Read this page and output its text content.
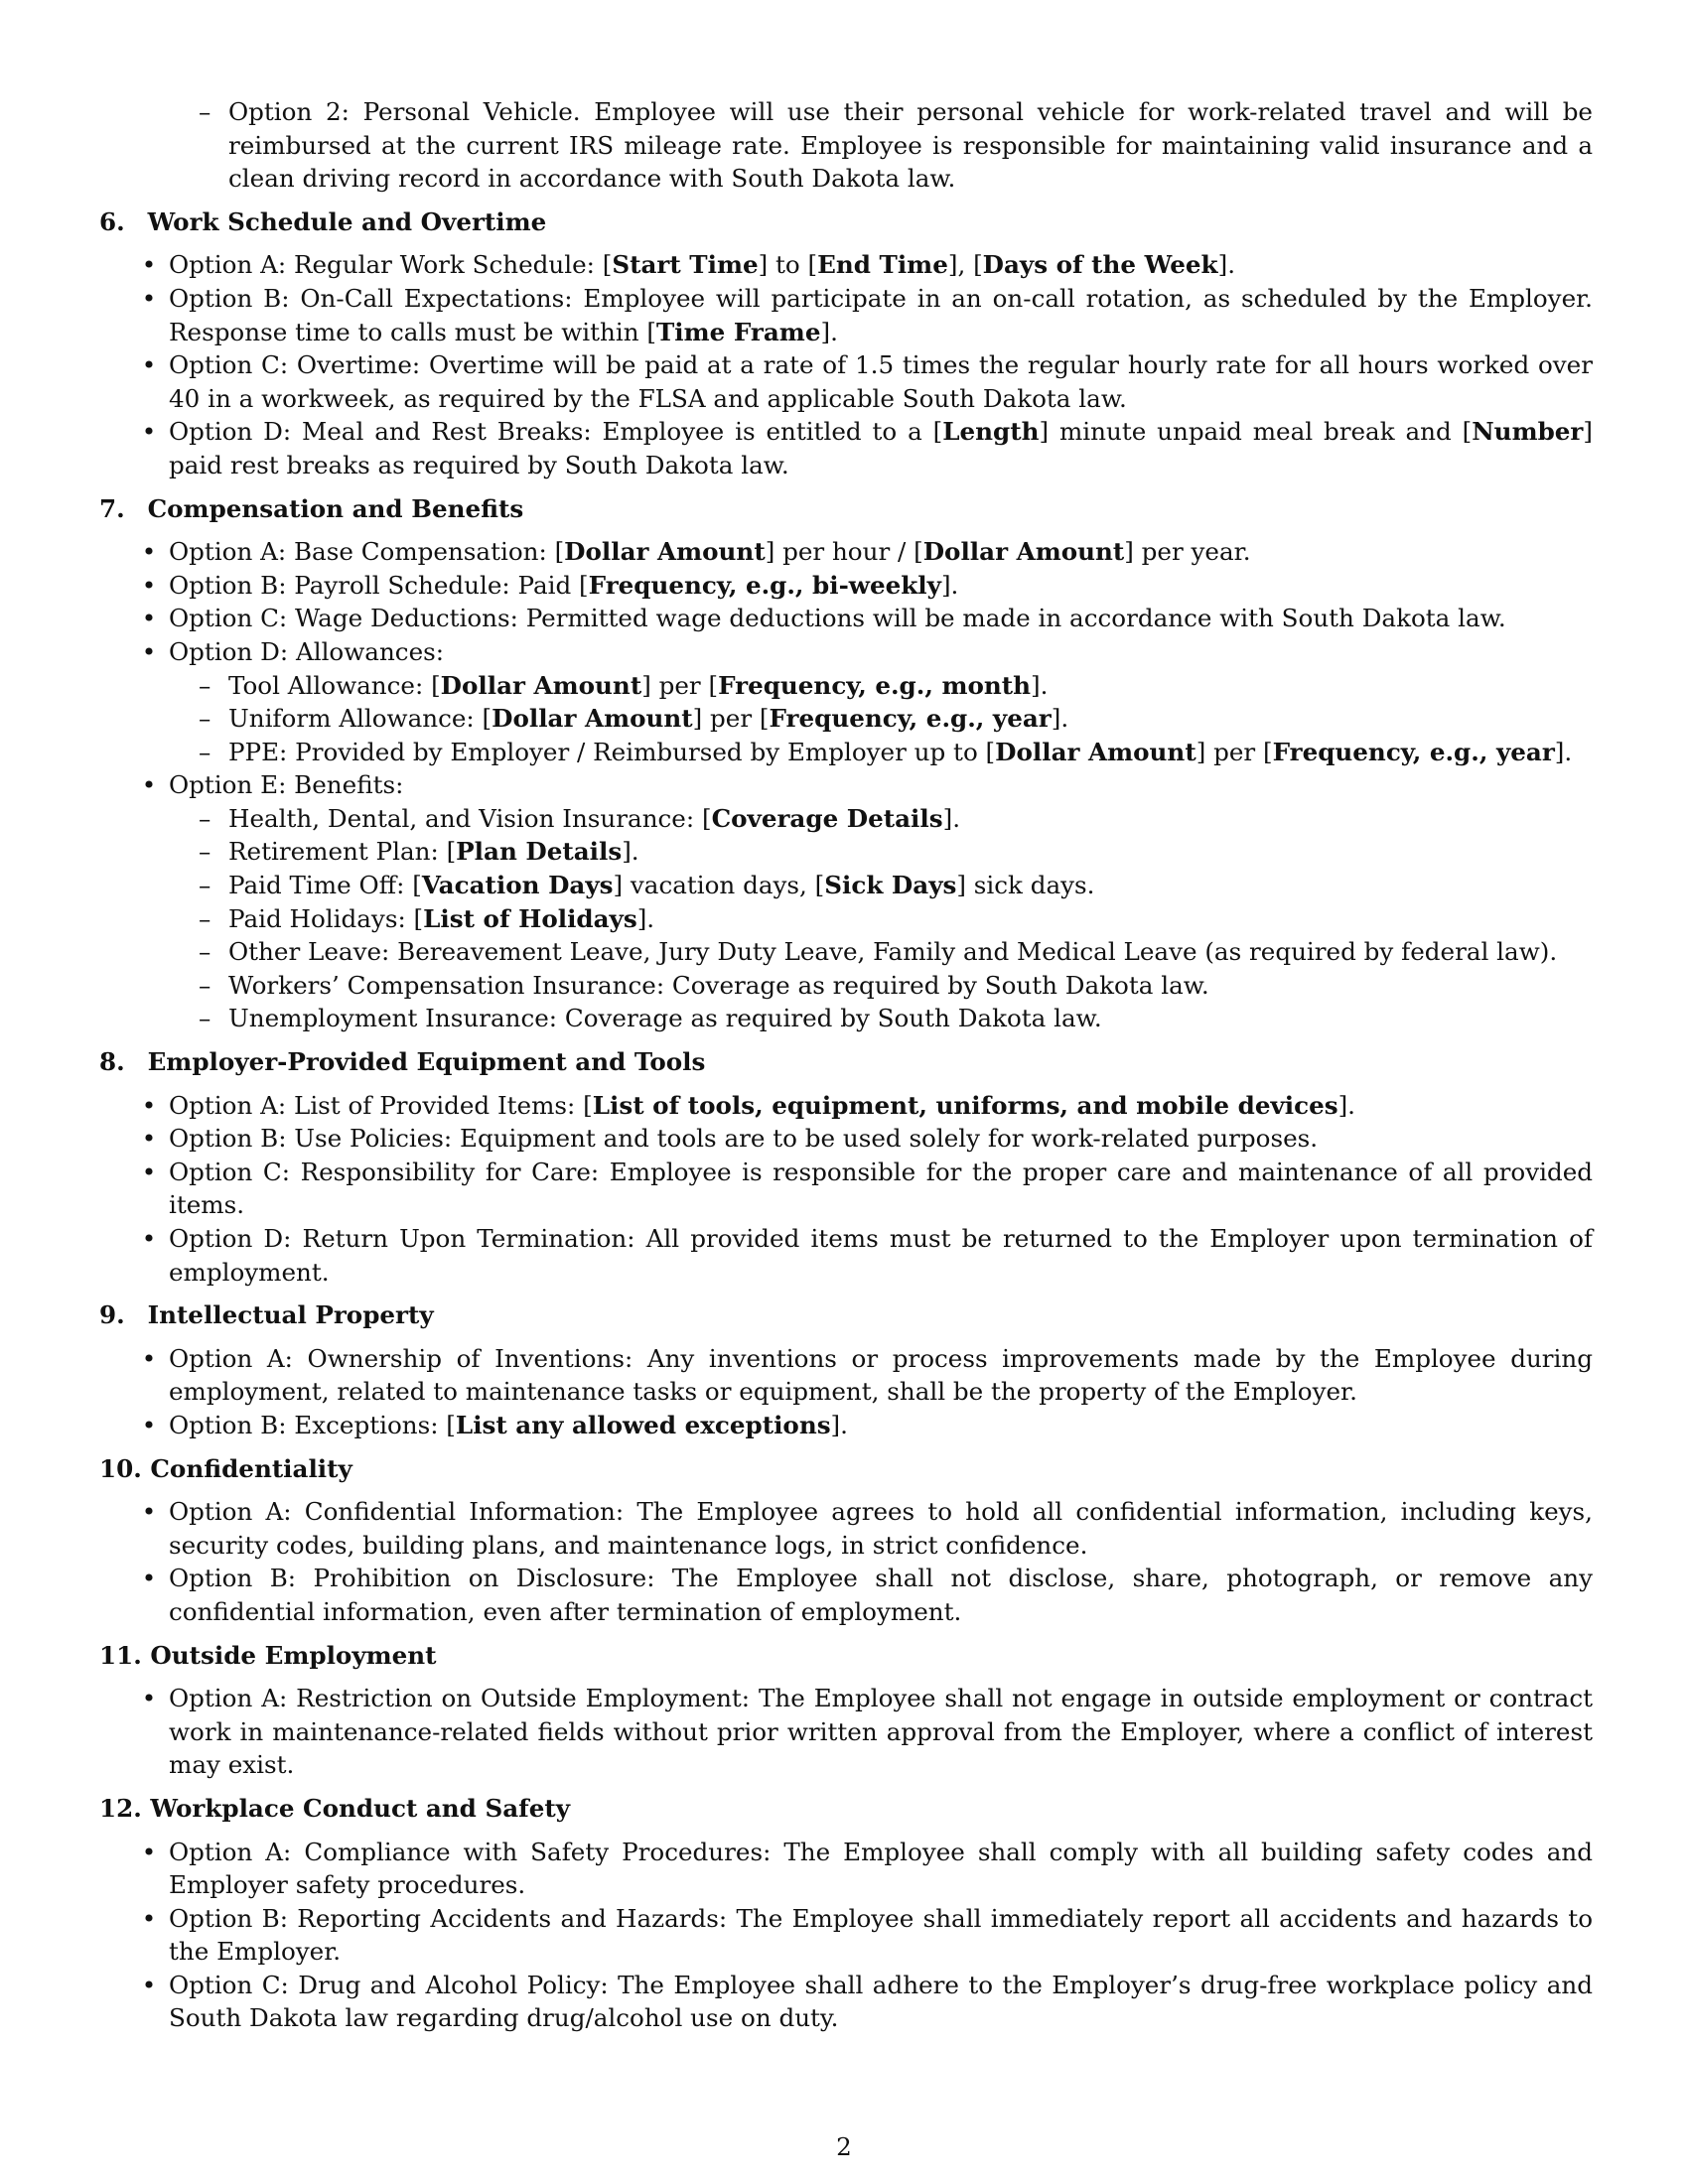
– Option 2: Personal Vehicle. Employee will use their personal vehicle for work-related travel and will be reimbursed at the current IRS mileage rate. Employee is responsible for maintaining valid insurance and a clean driving record in accordance with South Dakota law.
6. Work Schedule and Overtime
• Option A: Regular Work Schedule: [Start Time] to [End Time], [Days of the Week].
• Option B: On-Call Expectations: Employee will participate in an on-call rotation, as scheduled by the Employer. Response time to calls must be within [Time Frame].
• Option C: Overtime: Overtime will be paid at a rate of 1.5 times the regular hourly rate for all hours worked over 40 in a workweek, as required by the FLSA and applicable South Dakota law.
• Option D: Meal and Rest Breaks: Employee is entitled to a [Length] minute unpaid meal break and [Number] paid rest breaks as required by South Dakota law.
7. Compensation and Benefits
• Option A: Base Compensation: [Dollar Amount] per hour / [Dollar Amount] per year.
• Option B: Payroll Schedule: Paid [Frequency, e.g., bi-weekly].
• Option C: Wage Deductions: Permitted wage deductions will be made in accordance with South Dakota law.
• Option D: Allowances:
– Tool Allowance: [Dollar Amount] per [Frequency, e.g., month].
– Uniform Allowance: [Dollar Amount] per [Frequency, e.g., year].
– PPE: Provided by Employer / Reimbursed by Employer up to [Dollar Amount] per [Frequency, e.g., year].
• Option E: Benefits:
– Health, Dental, and Vision Insurance: [Coverage Details].
– Retirement Plan: [Plan Details].
– Paid Time Off: [Vacation Days] vacation days, [Sick Days] sick days.
– Paid Holidays: [List of Holidays].
– Other Leave: Bereavement Leave, Jury Duty Leave, Family and Medical Leave (as required by federal law).
– Workers’ Compensation Insurance: Coverage as required by South Dakota law.
– Unemployment Insurance: Coverage as required by South Dakota law.
8. Employer-Provided Equipment and Tools
• Option A: List of Provided Items: [List of tools, equipment, uniforms, and mobile devices].
• Option B: Use Policies: Equipment and tools are to be used solely for work-related purposes.
• Option C: Responsibility for Care: Employee is responsible for the proper care and maintenance of all provided items.
• Option D: Return Upon Termination: All provided items must be returned to the Employer upon termination of employment.
9. Intellectual Property
• Option A: Ownership of Inventions: Any inventions or process improvements made by the Employee during employment, related to maintenance tasks or equipment, shall be the property of the Employer.
• Option B: Exceptions: [List any allowed exceptions].
10. Confidentiality
• Option A: Confidential Information: The Employee agrees to hold all confidential information, including keys, security codes, building plans, and maintenance logs, in strict confidence.
• Option B: Prohibition on Disclosure: The Employee shall not disclose, share, photograph, or remove any confidential information, even after termination of employment.
11. Outside Employment
• Option A: Restriction on Outside Employment: The Employee shall not engage in outside employment or contract work in maintenance-related fields without prior written approval from the Employer, where a conflict of interest may exist.
12. Workplace Conduct and Safety
• Option A: Compliance with Safety Procedures: The Employee shall comply with all building safety codes and Employer safety procedures.
• Option B: Reporting Accidents and Hazards: The Employee shall immediately report all accidents and hazards to the Employer.
• Option C: Drug and Alcohol Policy: The Employee shall adhere to the Employer’s drug-free workplace policy and South Dakota law regarding drug/alcohol use on duty.
2
